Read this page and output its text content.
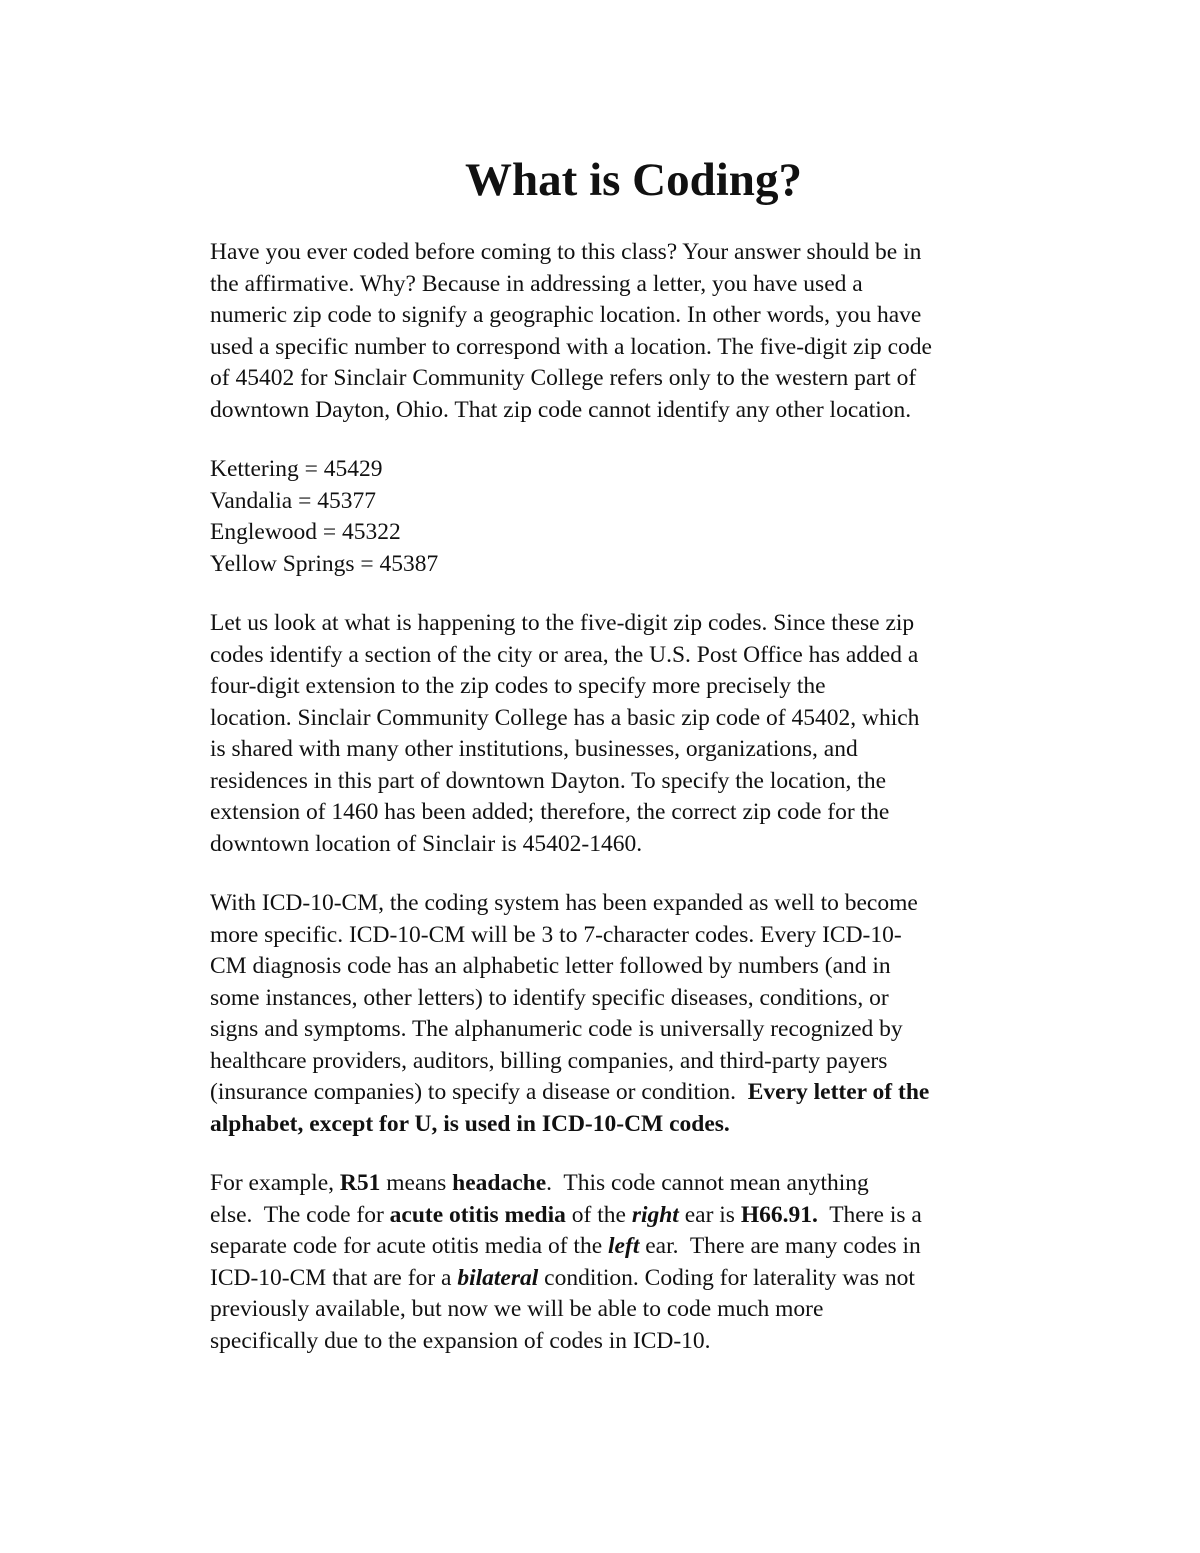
What is Coding?

Have you ever coded before coming to this class? Your answer should be in
the affirmative. Why? Because in addressing a letter, you have used a
numeric zip code to signify a geographic location. In other words, you have
used a specific number to correspond with a location. The five-digit zip code
of 45402 for Sinclair Community College refers only to the western part of
downtown Dayton, Ohio. That zip code cannot identify any other location.

Kettering = 45429
Vandalia = 45377
Englewood = 45322
Yellow Springs = 45387

Let us look at what is happening to the five-digit zip codes. Since these zip
codes identify a section of the city or area, the U.S. Post Office has added a
four-digit extension to the zip codes to specify more precisely the
location. Sinclair Community College has a basic zip code of 45402, which
is shared with many other institutions, businesses, organizations, and
residences in this part of downtown Dayton. To specify the location, the
extension of 1460 has been added; therefore, the correct zip code for the
downtown location of Sinclair is 45402-1460.

With ICD-10-CM, the coding system has been expanded as well to become
more specific. ICD-10-CM will be 3 to 7-character codes. Every ICD-10-
CM diagnosis code has an alphabetic letter followed by numbers (and in
some instances, other letters) to identify specific diseases, conditions, or
signs and symptoms. The alphanumeric code is universally recognized by
healthcare providers, auditors, billing companies, and third-party payers
(insurance companies) to specify a disease or condition.  Every letter of the
alphabet, except for U, is used in ICD-10-CM codes.

For example, R51 means headache.  This code cannot mean anything
else.  The code for acute otitis media of the right ear is H66.91.  There is a
separate code for acute otitis media of the left ear.  There are many codes in
ICD-10-CM that are for a bilateral condition. Coding for laterality was not
previously available, but now we will be able to code much more
specifically due to the expansion of codes in ICD-10.
